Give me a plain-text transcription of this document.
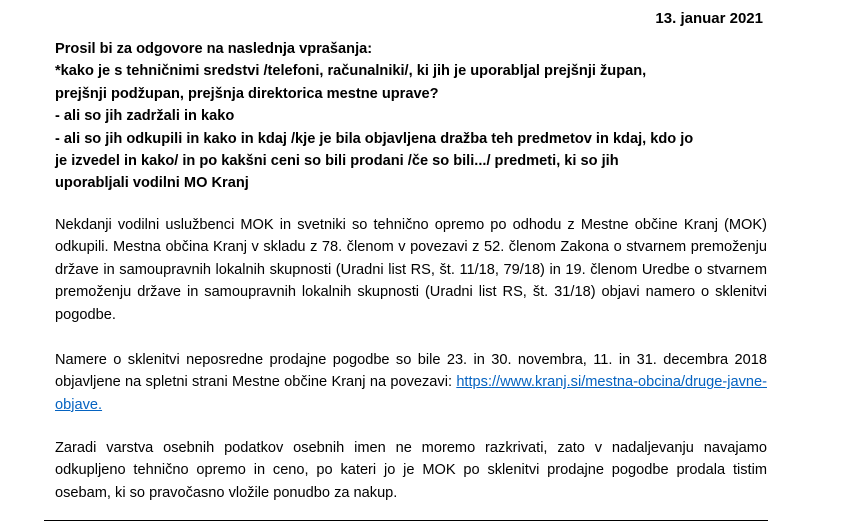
13. januar 2021
Prosil bi za odgovore na naslednja vprašanja:
*kako je s tehničnimi sredstvi /telefoni, računalniki/, ki jih je uporabljal prejšnji župan,
prejšnji podžupan, prejšnja direktorica mestne uprave?
- ali so jih zadržali in kako
- ali so jih odkupili in kako in kdaj /kje je bila objavljena dražba teh predmetov in kdaj, kdo jo
je izvedel in kako/ in po kakšni ceni so bili prodani /če so bili.../ predmeti, ki so jih
uporabljali vodilni MO Kranj

Nekdanji vodilni uslužbenci MOK in svetniki so tehnično opremo po odhodu z Mestne občine Kranj (MOK) odkupili. Mestna občina Kranj v skladu z 78. členom v povezavi z 52. členom Zakona o stvarnem premoženju države in samoupravnih lokalnih skupnosti (Uradni list RS, št. 11/18, 79/18) in 19. členom Uredbe o stvarnem premoženju države in samoupravnih lokalnih skupnosti (Uradni list RS, št. 31/18) objavi namero o sklenitvi pogodbe.

Namere o sklenitvi neposredne prodajne pogodbe so bile 23. in 30. novembra, 11. in 31. decembra 2018 objavljene na spletni strani Mestne občine Kranj na povezavi: https://www.kranj.si/mestna-obcina/druge-javne-objave.

Zaradi varstva osebnih podatkov osebnih imen ne moremo razkrivati, zato v nadaljevanju navajamo odkupljeno tehnično opremo in ceno, po kateri jo je MOK po sklenitvi prodajne pogodbe prodala tistim osebam, ki so pravočasno vložile ponudbo za nakup.
